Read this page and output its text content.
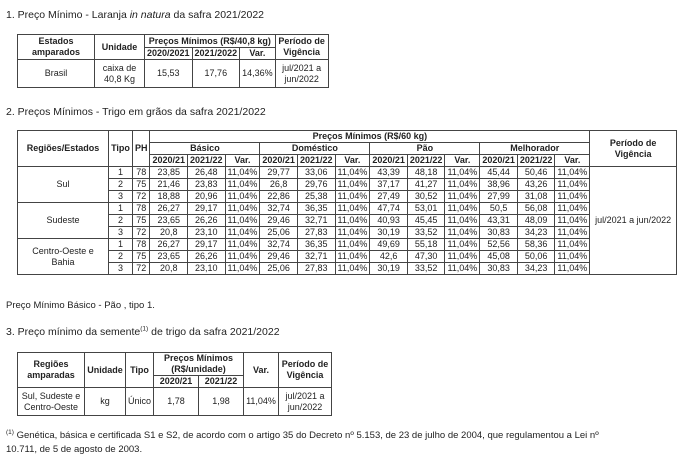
1. Preço Mínimo - Laranja in natura da safra 2021/2022
Estados amparados	Unidade	Preços Mínimos (R$/40,8 kg)			Período de Vigência
		2020/2021	2021/2022	Var.	
Brasil	caixa de 40,8 Kg	15,53	17,76	14,36%	jul/2021 a jun/2022
2. Preços Mínimos - Trigo em grãos da safra 2021/2022
Regiões/Estados	Tipo	PH	Preços Mínimos (R$/60 kg)												Período de Vigência
			Básico			Doméstico			Pão			Melhorador			
			2020/21	2021/22	Var.	2020/21	2021/22	Var.	2020/21	2021/22	Var.	2020/21	2021/22	Var.	
Sul	1	78	23,85	26,48	11,04%	29,77	33,06	11,04%	43,39	48,18	11,04%	45,44	50,46	11,04%	jul/2021 a jun/2022
	2	75	21,46	23,83	11,04%	26,8	29,76	11,04%	37,17	41,27	11,04%	38,96	43,26	11,04%	
	3	72	18,88	20,96	11,04%	22,86	25,38	11,04%	27,49	30,52	11,04%	27,99	31,08	11,04%	
Sudeste	1	78	26,27	29,17	11,04%	32,74	36,35	11,04%	47,74	53,01	11,04%	50,5	56,08	11,04%	
	2	75	23,65	26,26	11,04%	29,46	32,71	11,04%	40,93	45,45	11,04%	43,31	48,09	11,04%	
	3	72	20,8	23,10	11,04%	25,06	27,83	11,04%	30,19	33,52	11,04%	30,83	34,23	11,04%	
Centro-Oeste e Bahia	1	78	26,27	29,17	11,04%	32,74	36,35	11,04%	49,69	55,18	11,04%	52,56	58,36	11,04%	
	2	75	23,65	26,26	11,04%	29,46	32,71	11,04%	42,6	47,30	11,04%	45,08	50,06	11,04%	
	3	72	20,8	23,10	11,04%	25,06	27,83	11,04%	30,19	33,52	11,04%	30,83	34,23	11,04%	
Preço Mínimo Básico - Pão , tipo 1.
3. Preço mínimo da semente$^{(1)}$ de trigo da safra 2021/2022
Regiões amparadas	Unidade	Tipo	Preços Mínimos (R$/unidade)		Var.	Período de Vigência
			2020/21	2021/22		
Sul, Sudeste e Centro-Oeste	kg	Único	1,78	1,98	11,04%	jul/2021 a jun/2022
$^{(1)}$ Genética, básica e certificada S1 e S2, de acordo com o artigo 35 do Decreto nº 5.153, de 23 de julho de 2004, que regulamentou a Lei nº
10.711, de 5 de agosto de 2003.
